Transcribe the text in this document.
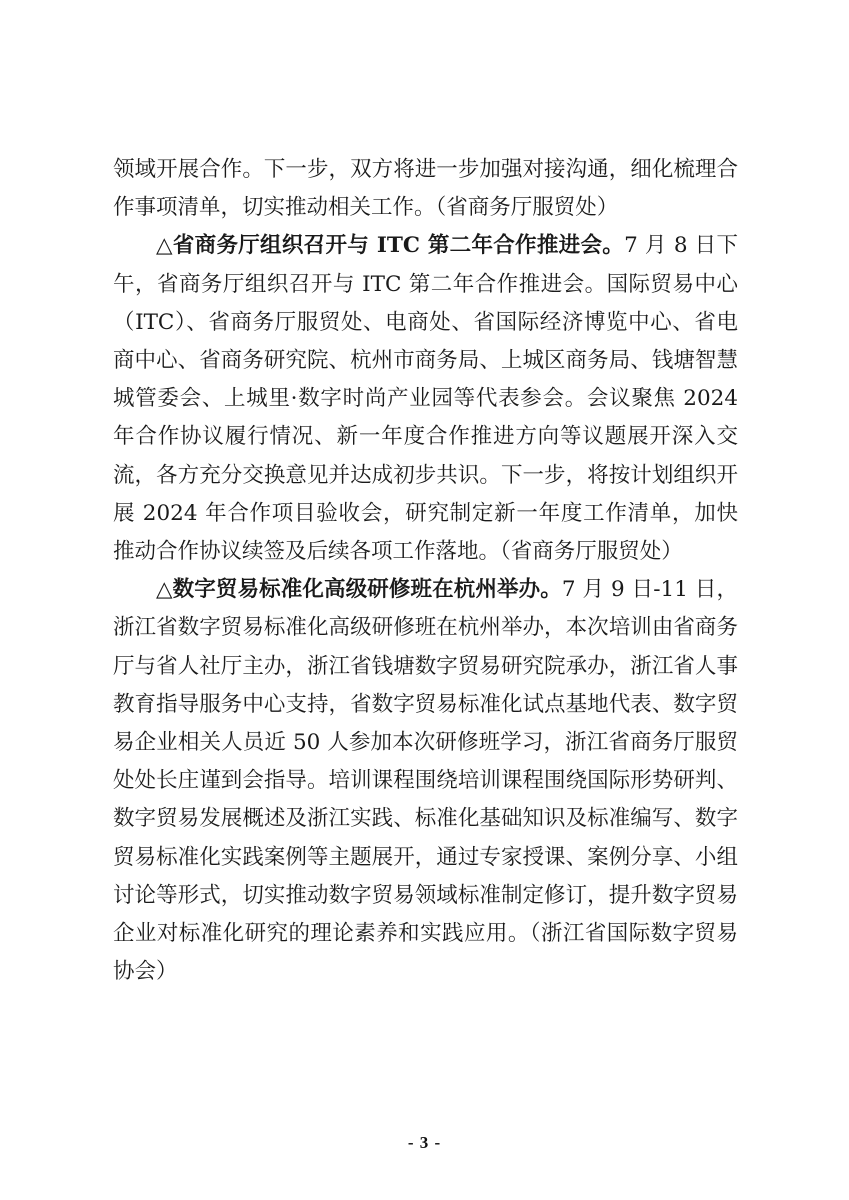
领域开展合作。下一步，双方将进一步加强对接沟通，细化梳理合作事项清单，切实推动相关工作。（省商务厅服贸处）

△省商务厅组织召开与 ITC 第二年合作推进会。7 月 8 日下午，省商务厅组织召开与 ITC 第二年合作推进会。国际贸易中心（ITC）、省商务厅服贸处、电商处、省国际经济博览中心、省电商中心、省商务研究院、杭州市商务局、上城区商务局、钱塘智慧城管委会、上城里·数字时尚产业园等代表参会。会议聚焦 2024 年合作协议履行情况、新一年度合作推进方向等议题展开深入交流，各方充分交换意见并达成初步共识。下一步，将按计划组织开展 2024 年合作项目验收会，研究制定新一年度工作清单，加快推动合作协议续签及后续各项工作落地。（省商务厅服贸处）

△数字贸易标准化高级研修班在杭州举办。7 月 9 日-11 日，浙江省数字贸易标准化高级研修班在杭州举办，本次培训由省商务厅与省人社厅主办，浙江省钱塘数字贸易研究院承办，浙江省人事教育指导服务中心支持，省数字贸易标准化试点基地代表、数字贸易企业相关人员近 50 人参加本次研修班学习，浙江省商务厅服贸处处长庄谨到会指导。培训课程围绕培训课程围绕国际形势研判、数字贸易发展概述及浙江实践、标准化基础知识及标准编写、数字贸易标准化实践案例等主题展开，通过专家授课、案例分享、小组讨论等形式，切实推动数字贸易领域标准制定修订，提升数字贸易企业对标准化研究的理论素养和实践应用。（浙江省国际数字贸易协会）

- 3 -
